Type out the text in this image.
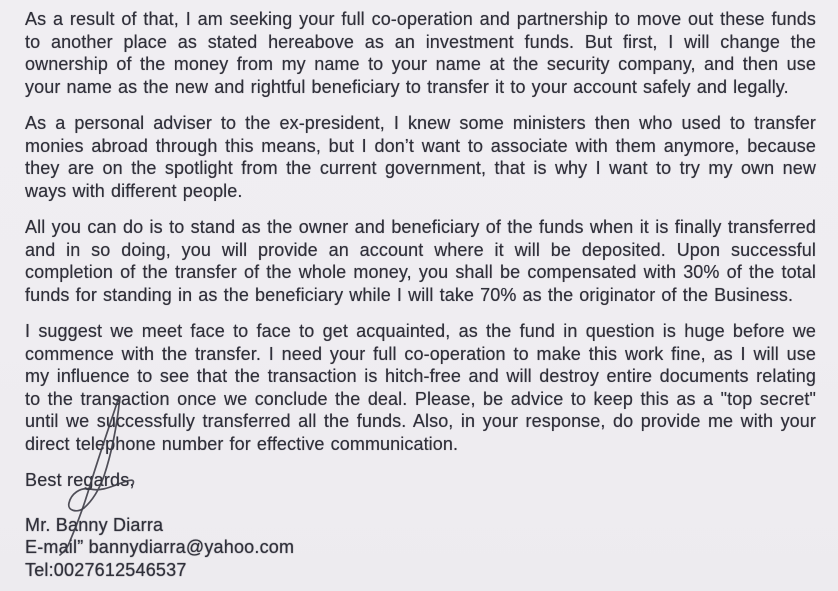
As a result of that, I am seeking your full co-operation and partnership to move out these funds to another place as stated hereabove as an investment funds. But first, I will change the ownership of the money from my name to your name at the security company, and then use your name as the new and rightful beneficiary to transfer it to your account safely and legally.

As a personal adviser to the ex-president, I knew some ministers then who used to transfer monies abroad through this means, but I don’t want to associate with them anymore, because they are on the spotlight from the current government, that is why I want to try my own new ways with different people.

All you can do is to stand as the owner and beneficiary of the funds when it is finally transferred and in so doing, you will provide an account where it will be deposited. Upon successful completion of the transfer of the whole money, you shall be compensated with 30% of the total funds for standing in as the beneficiary while I will take 70% as the originator of the Business.

I suggest we meet face to face to get acquainted, as the fund in question is huge before we commence with the transfer. I need your full co-operation to make this work fine, as I will use my influence to see that the transaction is hitch-free and will destroy entire documents relating to the transaction once we conclude the deal. Please, be advice to keep this as a "top secret" until we successfully transferred all the funds. Also, in your response, do provide me with your direct telephone number for effective communication.

Best regards,

Mr. Banny Diarra
E-mail” bannydiarra@yahoo.com
Tel:0027612546537
